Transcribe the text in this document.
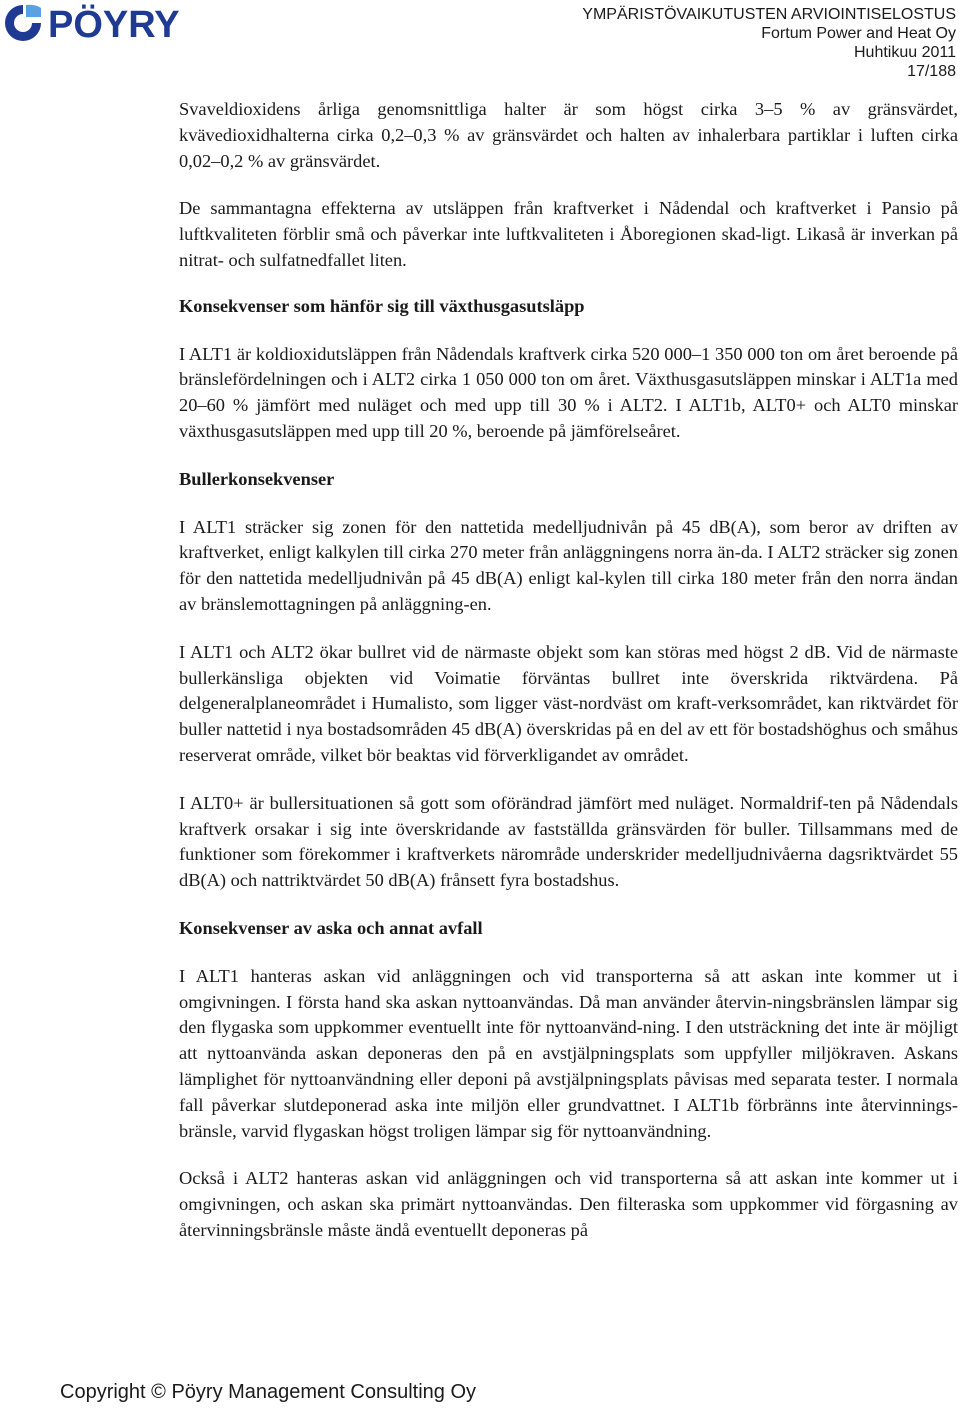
PÖYRY	YMPÄRISTÖVAIKUTUSTEN ARVIOINTISELOSTUS
Fortum Power and Heat Oy
Huhtikuu 2011
17/188

Svaveldioxidens årliga genomsnittliga halter är som högst cirka 3–5 % av gränsvärdet, kvävedioxidhalterna cirka 0,2–0,3 % av gränsvärdet och halten av inhalerbara partiklar i luften cirka 0,02–0,2 % av gränsvärdet.

De sammantagna effekterna av utsläppen från kraftverket i Nådendal och kraftverket i Pansio på luftkvaliteten förblir små och påverkar inte luftkvaliteten i Åboregionen skad-ligt. Likaså är inverkan på nitrat- och sulfatnedfallet liten.

Konsekvenser som hänför sig till växthusgasutsläpp

I ALT1 är koldioxidutsläppen från Nådendals kraftverk cirka 520 000–1 350 000 ton om året beroende på bränslefördelningen och i ALT2 cirka 1 050 000 ton om året. Växthusgasutsläppen minskar i ALT1a med 20–60 % jämfört med nuläget och med upp till 30 % i ALT2. I ALT1b, ALT0+ och ALT0 minskar växthusgasutsläppen med upp till 20 %, beroende på jämförelseåret.

Bullerkonsekvenser

I ALT1 sträcker sig zonen för den nattetida medelljudnivån på 45 dB(A), som beror av driften av kraftverket, enligt kalkylen till cirka 270 meter från anläggningens norra än-da. I ALT2 sträcker sig zonen för den nattetida medelljudnivån på 45 dB(A) enligt kal-kylen till cirka 180 meter från den norra ändan av bränslemottagningen på anläggning-en.

I ALT1 och ALT2 ökar bullret vid de närmaste objekt som kan störas med högst 2 dB. Vid de närmaste bullerkänsliga objekten vid Voimatie förväntas bullret inte överskrida riktvärdena. På delgeneralplaneområdet i Humalisto, som ligger väst-nordväst om kraft-verksområdet, kan riktvärdet för buller nattetid i nya bostadsområden 45 dB(A) överskridas på en del av ett för bostadshöghus och småhus reserverat område, vilket bör beaktas vid förverkligandet av området.

I ALT0+ är bullersituationen så gott som oförändrad jämfört med nuläget. Normaldrif-ten på Nådendals kraftverk orsakar i sig inte överskridande av fastställda gränsvärden för buller. Tillsammans med de funktioner som förekommer i kraftverkets närområde underskrider medelljudnivåerna dagsriktvärdet 55 dB(A) och nattriktvärdet 50 dB(A) frånsett fyra bostadshus.

Konsekvenser av aska och annat avfall

I ALT1 hanteras askan vid anläggningen och vid transporterna så att askan inte kommer ut i omgivningen. I första hand ska askan nyttoanvändas. Då man använder återvin-ningsbränslen lämpar sig den flygaska som uppkommer eventuellt inte för nyttoanvänd-ning. I den utsträckning det inte är möjligt att nyttoanvända askan deponeras den på en avstjälpningsplats som uppfyller miljökraven. Askans lämplighet för nyttoanvändning eller deponi på avstjälpningsplats påvisas med separata tester. I normala fall påverkar slutdeponerad aska inte miljön eller grundvattnet. I ALT1b förbränns inte återvinnings-bränsle, varvid flygaskan högst troligen lämpar sig för nyttoanvändning.

Också i ALT2 hanteras askan vid anläggningen och vid transporterna så att askan inte kommer ut i omgivningen, och askan ska primärt nyttoanvändas. Den filteraska som uppkommer vid förgasning av återvinningsbränsle måste ändå eventuellt deponeras på

Copyright © Pöyry Management Consulting Oy
